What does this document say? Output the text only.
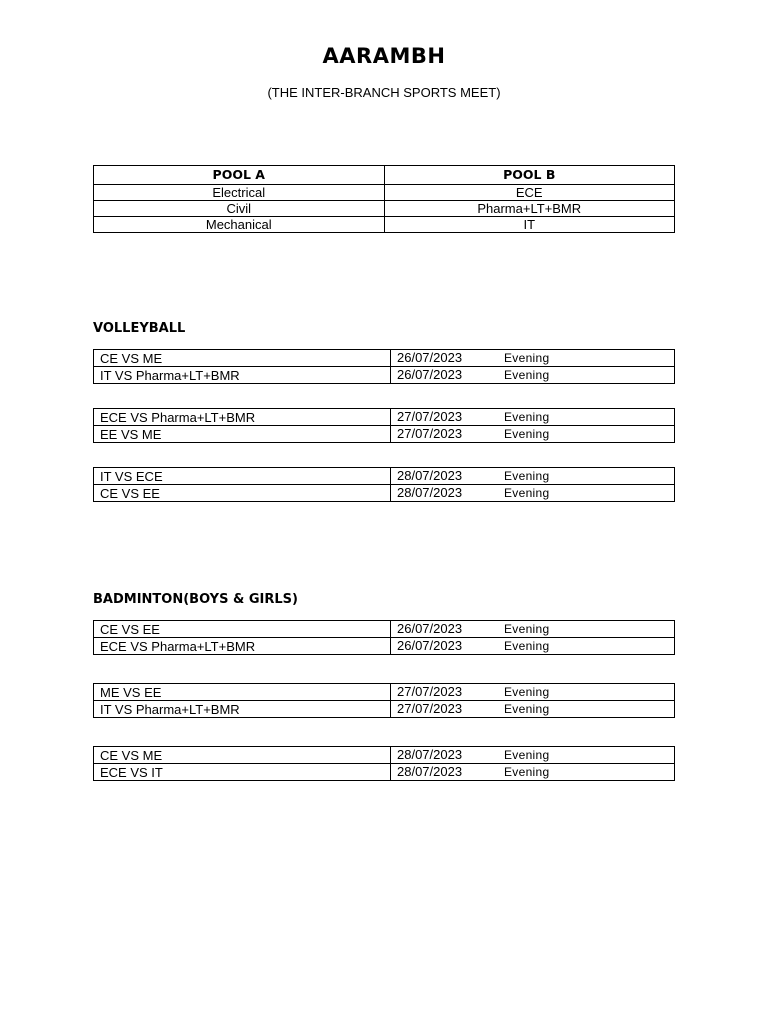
AARAMBH
(THE INTER-BRANCH SPORTS MEET)
POOL A	POOL B
Electrical	ECE
Civil	Pharma+LT+BMR
Mechanical	IT
VOLLEYBALL
CE VS ME	26/07/2023 Evening
IT VS Pharma+LT+BMR	26/07/2023 Evening
ECE VS Pharma+LT+BMR	27/07/2023 Evening
EE VS ME	27/07/2023 Evening
IT VS ECE	28/07/2023 Evening
CE VS EE	28/07/2023 Evening
BADMINTON(BOYS & GIRLS)
CE VS EE	26/07/2023 Evening
ECE VS Pharma+LT+BMR	26/07/2023 Evening
ME VS EE	27/07/2023 Evening
IT VS Pharma+LT+BMR	27/07/2023 Evening
CE VS ME	28/07/2023 Evening
ECE VS IT	28/07/2023 Evening
